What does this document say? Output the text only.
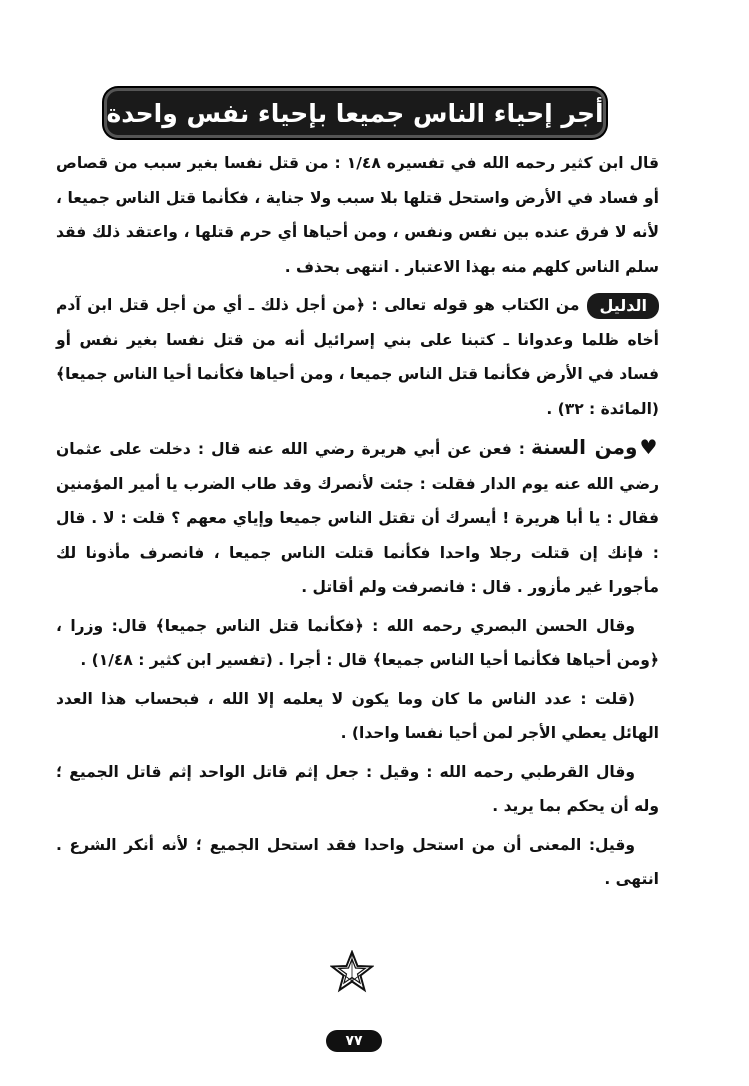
أجر إحياء الناس جميعا بإحياء نفس واحدة

قال ابن كثير رحمه الله في تفسيره ١/٤٨ : من قتل نفسا بغير سبب من قصاص أو فساد في الأرض واستحل قتلها بلا سبب ولا جناية ، فكأنما قتل الناس جميعا ، لأنه لا فرق عنده بين نفس ونفس ، ومن أحياها أي حرم قتلها ، واعتقد ذلك فقد سلم الناس كلهم منه بهذا الاعتبار . انتهى بحذف .

الدليلمن الكتاب هو قوله تعالى : ﴿من أجل ذلك ـ أي من أجل قتل ابن آدم أخاه ظلما وعدوانا ـ كتبنا على بني إسرائيل أنه من قتل نفسا بغير نفس أو فساد في الأرض فكأنما قتل الناس جميعا ، ومن أحياها فكأنما أحيا الناس جميعا﴾ (المائدة : ٣٢) .

♥ومن السنة: فعن عن أبي هريرة رضي الله عنه قال : دخلت على عثمان رضي الله عنه يوم الدار فقلت : جئت لأنصرك وقد طاب الضرب يا أمير المؤمنين فقال : يا أبا هريرة ! أيسرك أن تقتل الناس جميعا وإياي معهم ؟ قلت : لا . قال : فإنك إن قتلت رجلا واحدا فكأنما قتلت الناس جميعا ، فانصرف مأذونا لك مأجورا غير مأزور . قال : فانصرفت ولم أقاتل .

وقال الحسن البصري رحمه الله : ﴿فكأنما قتل الناس جميعا﴾ قال: وزرا ، ﴿ومن أحياها فكأنما أحيا الناس جميعا﴾ قال : أجرا . (تفسير ابن كثير : ١/٤٨) .

(قلت : عدد الناس ما كان وما يكون لا يعلمه إلا الله ، فبحساب هذا العدد الهائل يعطي الأجر لمن أحيا نفسا واحدا) .

وقال القرطبي رحمه الله : وقيل : جعل إثم قاتل الواحد إثم قاتل الجميع ؛ وله أن يحكم بما يريد .

وقيل: المعنى أن من استحل واحدا فقد استحل الجميع ؛ لأنه أنكر الشرع . انتهى .

٧٧
